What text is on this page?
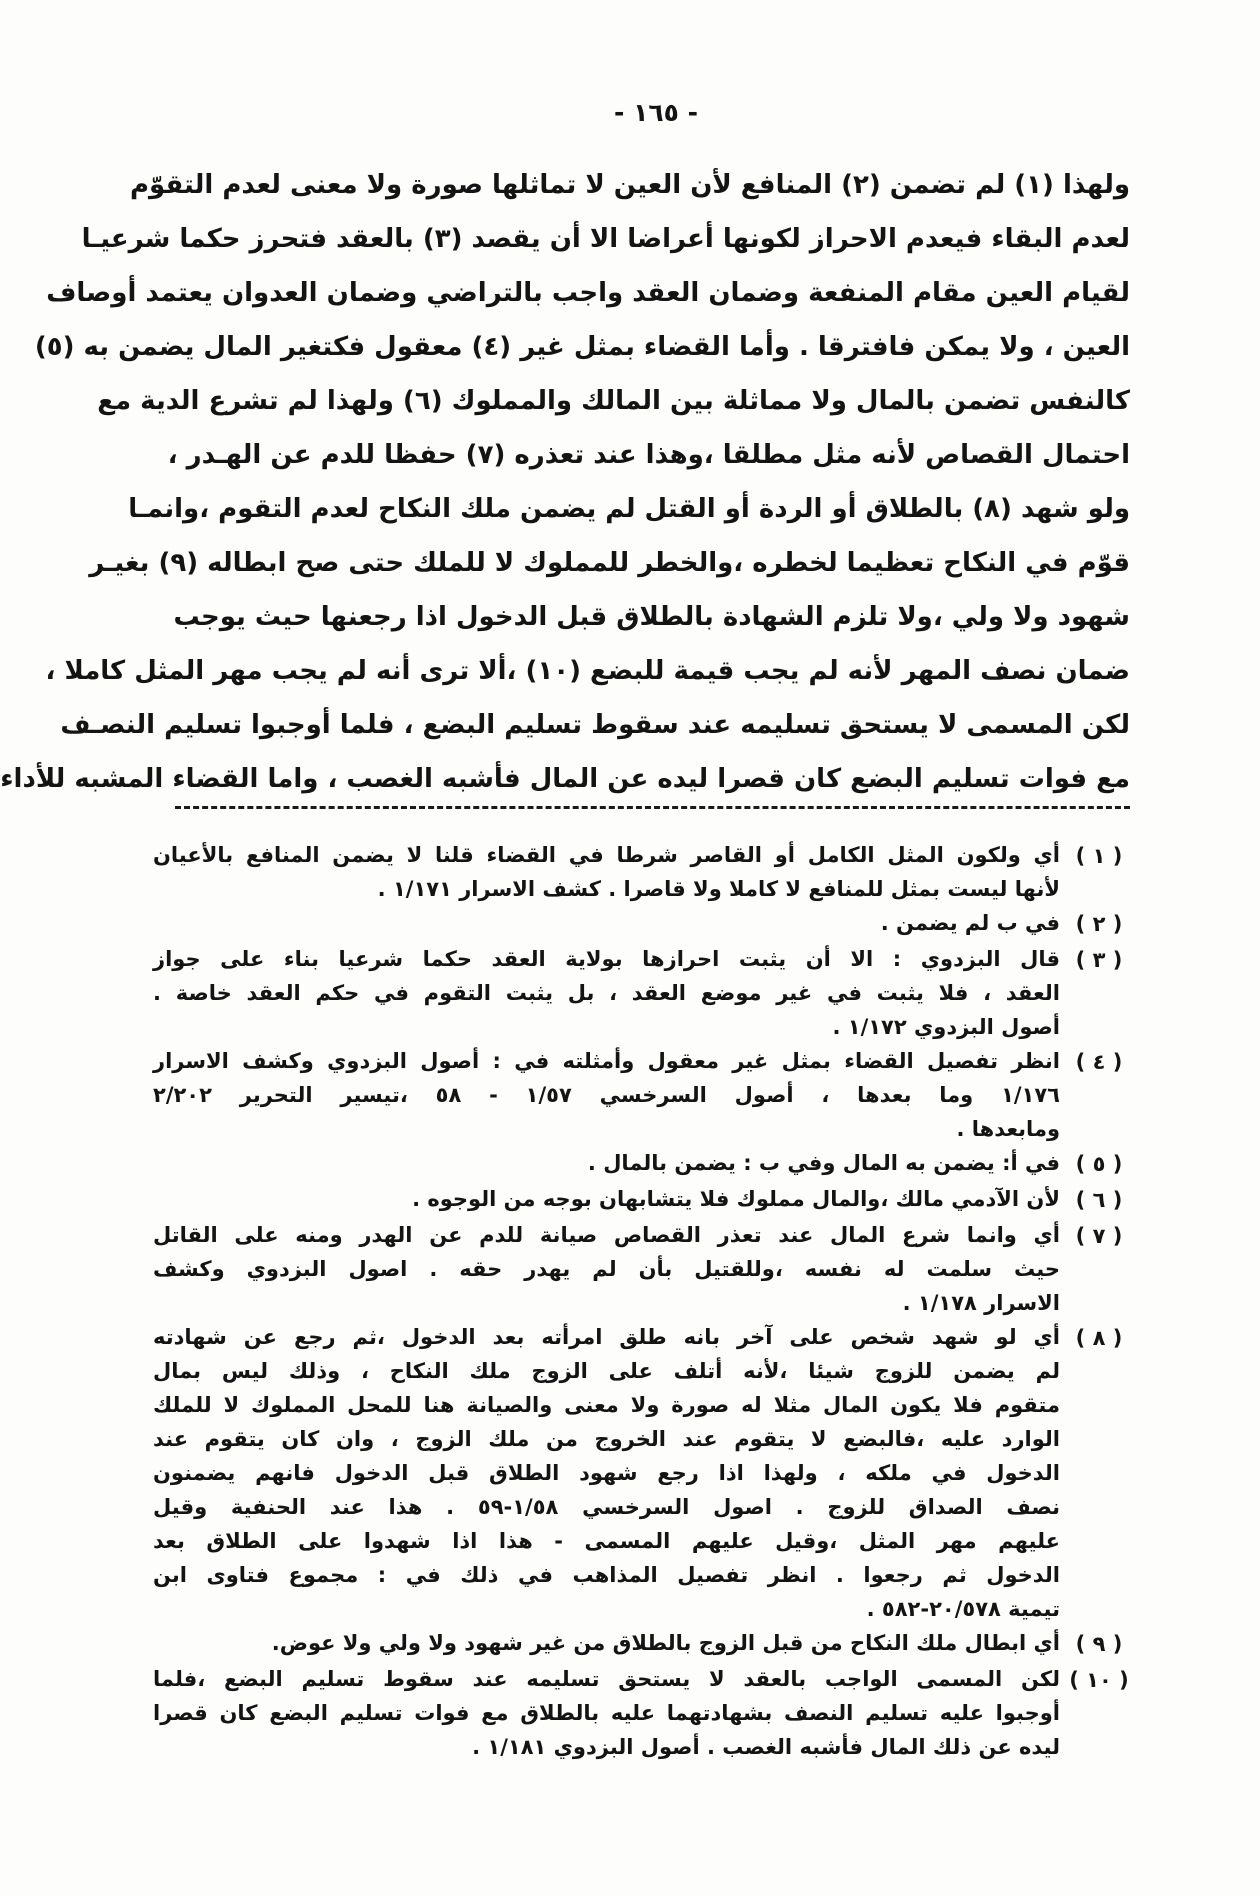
- ١٦٥ -
ولهذا (١) لم تضمن (٢) المنافع لأن العين لا تماثلها صورة ولا معنى لعدم التقوّم
لعدم البقاء فيعدم الاحراز لكونها أعراضا الا أن يقصد (٣) بالعقد فتحرز حكما شرعيـا
لقيام العين مقام المنفعة وضمان العقد واجب بالتراضي وضمان العدوان يعتمد أوصاف
العين ، ولا يمكن فافترقا . وأما القضاء بمثل غير (٤) معقول فكتغير المال يضمن به (٥)
كالنفس تضمن بالمال ولا مماثلة بين المالك والمملوك (٦) ولهذا لم تشرع الدية مع
احتمال القصاص لأنه مثل مطلقا ،وهذا عند تعذره (٧) حفظا للدم عن الهـدر ،
ولو شهد (٨) بالطلاق أو الردة أو القتل لم يضمن ملك النكاح لعدم التقوم ،وانمـا
قوّم في النكاح تعظيما لخطره ،والخطر للمملوك لا للملك حتى صح ابطاله (٩) بغيـر
شهود ولا ولي ،ولا تلزم الشهادة بالطلاق قبل الدخول اذا رجعنها حيث يوجب
ضمان نصف المهر لأنه لم يجب قيمة للبضع (١٠) ،ألا ترى أنه لم يجب مهر المثل كاملا ،
لكن المسمى لا يستحق تسليمه عند سقوط تسليم البضع ، فلما أوجبوا تسليم النصـف
مع فوات تسليم البضع كان قصرا ليده عن المال فأشبه الغصب ، واما القضاء المشبه للأداء
( ١ )
أي ولكون المثل الكامل أو القاصر شرطا في القضاء قلنا لا يضمن المنافع بالأعيان
لأنها ليست بمثل للمنافع لا كاملا ولا قاصرا . كشف الاسرار ١/١٧١ .
( ٢ )
في ب لم يضمن .
( ٣ )
قال البزدوي : الا أن يثبت احرازها بولاية العقد حكما شرعيا بناء على جواز
العقد ، فلا يثبت في غير موضع العقد ، بل يثبت التقوم في حكم العقد خاصة .
أصول البزدوي ١/١٧٢ .
( ٤ )
انظر تفصيل القضاء بمثل غير معقول وأمثلته في : أصول البزدوي وكشف الاسرار
١/١٧٦ وما بعدها ، أصول السرخسي ١/٥٧ - ٥٨ ،تيسير التحرير ٢/٢٠٢
ومابعدها .
( ٥ )
في أ: يضمن به المال وفي ب : يضمن بالمال .
( ٦ )
لأن الآدمي مالك ،والمال مملوك فلا يتشابهان بوجه من الوجوه .
( ٧ )
أي وانما شرع المال عند تعذر القصاص صيانة للدم عن الهدر ومنه على القاتل
حيث سلمت له نفسه ،وللقتيل بأن لم يهدر حقه . اصول البزدوي وكشف
الاسرار ١/١٧٨ .
( ٨ )
أي لو شهد شخص على آخر بانه طلق امرأته بعد الدخول ،ثم رجع عن شهادته
لم يضمن للزوج شيئا ،لأنه أتلف على الزوج ملك النكاح ، وذلك ليس بمال
متقوم فلا يكون المال مثلا له صورة ولا معنى والصيانة هنا للمحل المملوك لا للملك
الوارد عليه ،فالبضع لا يتقوم عند الخروج من ملك الزوج ، وان كان يتقوم عند
الدخول في ملكه ، ولهذا اذا رجع شهود الطلاق قبل الدخول فانهم يضمنون
نصف الصداق للزوج . اصول السرخسي ١/٥٨-٥٩ . هذا عند الحنفية وقيل
عليهم مهر المثل ،وقيل عليهم المسمى - هذا اذا شهدوا على الطلاق بعد
الدخول ثم رجعوا . انظر تفصيل المذاهب في ذلك في : مجموع فتاوى ابن
تيمية ٢٠/٥٧٨-٥٨٢ .
( ٩ )
أي ابطال ملك النكاح من قبل الزوج بالطلاق من غير شهود ولا ولي ولا عوض.
( ١٠ )
لكن المسمى الواجب بالعقد لا يستحق تسليمه عند سقوط تسليم البضع ،فلما
أوجبوا عليه تسليم النصف بشهادتهما عليه بالطلاق مع فوات تسليم البضع كان قصرا
ليده عن ذلك المال فأشبه الغصب . أصول البزدوي ١/١٨١ .
